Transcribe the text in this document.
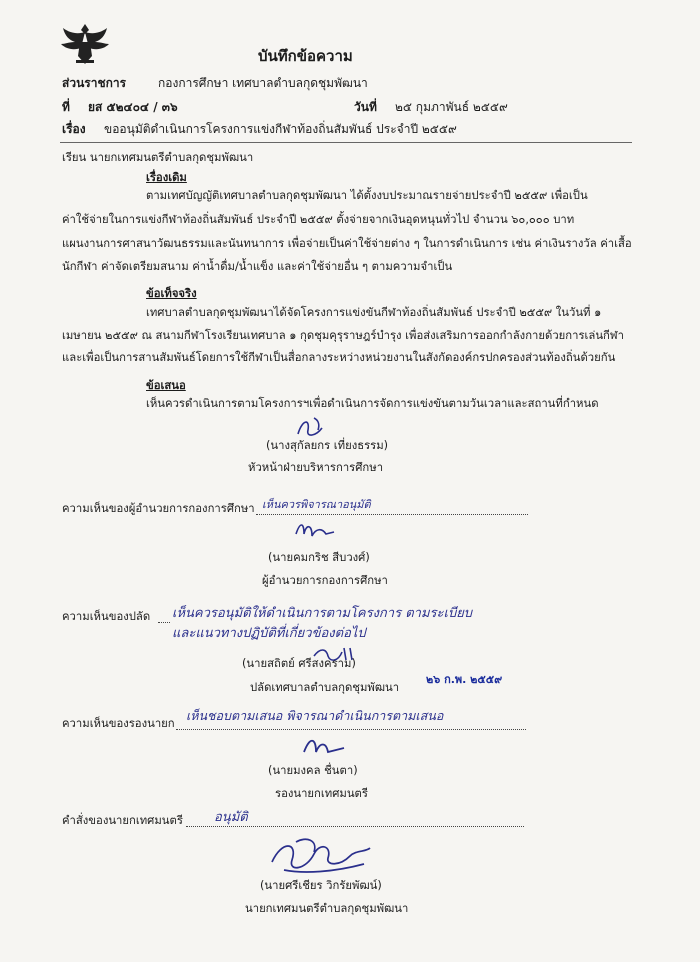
บันทึกข้อความ
ส่วนราชการ	กองการศึกษา เทศบาลตำบลกุดชุมพัฒนา
ที่ ยส ๕๒๔๐๔ / ๓๖	วันที่ ๒๕ กุมภาพันธ์ ๒๕๕๙
เรื่อง ขออนุมัติดำเนินการโครงการแข่งกีฬาท้องถิ่นสัมพันธ์ ประจำปี ๒๕๕๙
เรียน นายกเทศมนตรีตำบลกุดชุมพัฒนา
เรื่องเดิม
ตามเทศบัญญัติเทศบาลตำบลกุดชุมพัฒนา ได้ตั้งงบประมาณรายจ่ายประจำปี ๒๕๕๙ เพื่อเป็น
ค่าใช้จ่ายในการแข่งกีฬาท้องถิ่นสัมพันธ์ ประจำปี ๒๕๕๙ ตั้งจ่ายจากเงินอุดหนุนทั่วไป จำนวน ๖๐,๐๐๐ บาท
แผนงานการศาสนาวัฒนธรรมและนันทนาการ เพื่อจ่ายเป็นค่าใช้จ่ายต่าง ๆ ในการดำเนินการ เช่น ค่าเงินรางวัล ค่าเสื้อ
นักกีฬา ค่าจัดเตรียมสนาม ค่าน้ำดื่ม/น้ำแข็ง และค่าใช้จ่ายอื่น ๆ ตามความจำเป็น
ข้อเท็จจริง
เทศบาลตำบลกุดชุมพัฒนาได้จัดโครงการแข่งขันกีฬาท้องถิ่นสัมพันธ์ ประจำปี ๒๕๕๙ ในวันที่ ๑
เมษายน ๒๕๕๙ ณ สนามกีฬาโรงเรียนเทศบาล ๑ กุดชุมคุรุราษฎร์บำรุง เพื่อส่งเสริมการออกกำลังกายด้วยการเล่นกีฬา
และเพื่อเป็นการสานสัมพันธ์โดยการใช้กีฬาเป็นสื่อกลางระหว่างหน่วยงานในสังกัดองค์กรปกครองส่วนท้องถิ่นด้วยกัน
ข้อเสนอ
เห็นควรดำเนินการตามโครงการฯเพื่อดำเนินการจัดการแข่งขันตามวันเวลาและสถานที่กำหนด
(นางสุกัลยกร เที่ยงธรรม)
หัวหน้าฝ่ายบริหารการศึกษา
ความเห็นของผู้อำนวยการกองการศึกษา เห็นควรพิจารณาอนุมัติ
(นายคมกริช สีบวงศ์)
ผู้อำนวยการกองการศึกษา
ความเห็นของปลัด เห็นควรอนุมัติให้ดำเนินการตามโครงการ ตามระเบียบ
และแนวทางปฏิบัติที่เกี่ยวข้องต่อไป
(นายสถิตย์ ศรีสงคราม)
๒๖ ก.พ. ๒๕๕๙
ปลัดเทศบาลตำบลกุดชุมพัฒนา
ความเห็นของรองนายก
เห็นชอบตามเสนอ พิจารณาดำเนินการตามเสนอ
(นายมงคล ชื่นตา)
รองนายกเทศมนตรี
คำสั่งของนายกเทศมนตรี อนุมัติ
(นายศรีเชียร วิกรัยพัฒน์)
นายกเทศมนตรีตำบลกุดชุมพัฒนา
